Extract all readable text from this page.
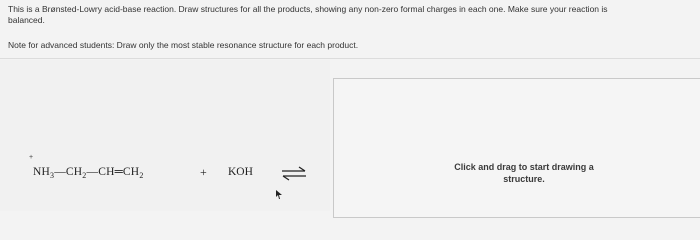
This is a Brønsted-Lowry acid-base reaction. Draw structures for all the products, showing any non-zero formal charges in each one. Make sure your reaction is
balanced.
Note for advanced students: Draw only the most stable resonance structure for each product.
+
$NH_3—CH_2—CH═CH_2$	+ KOH	Click and drag to start drawing a
structure.
